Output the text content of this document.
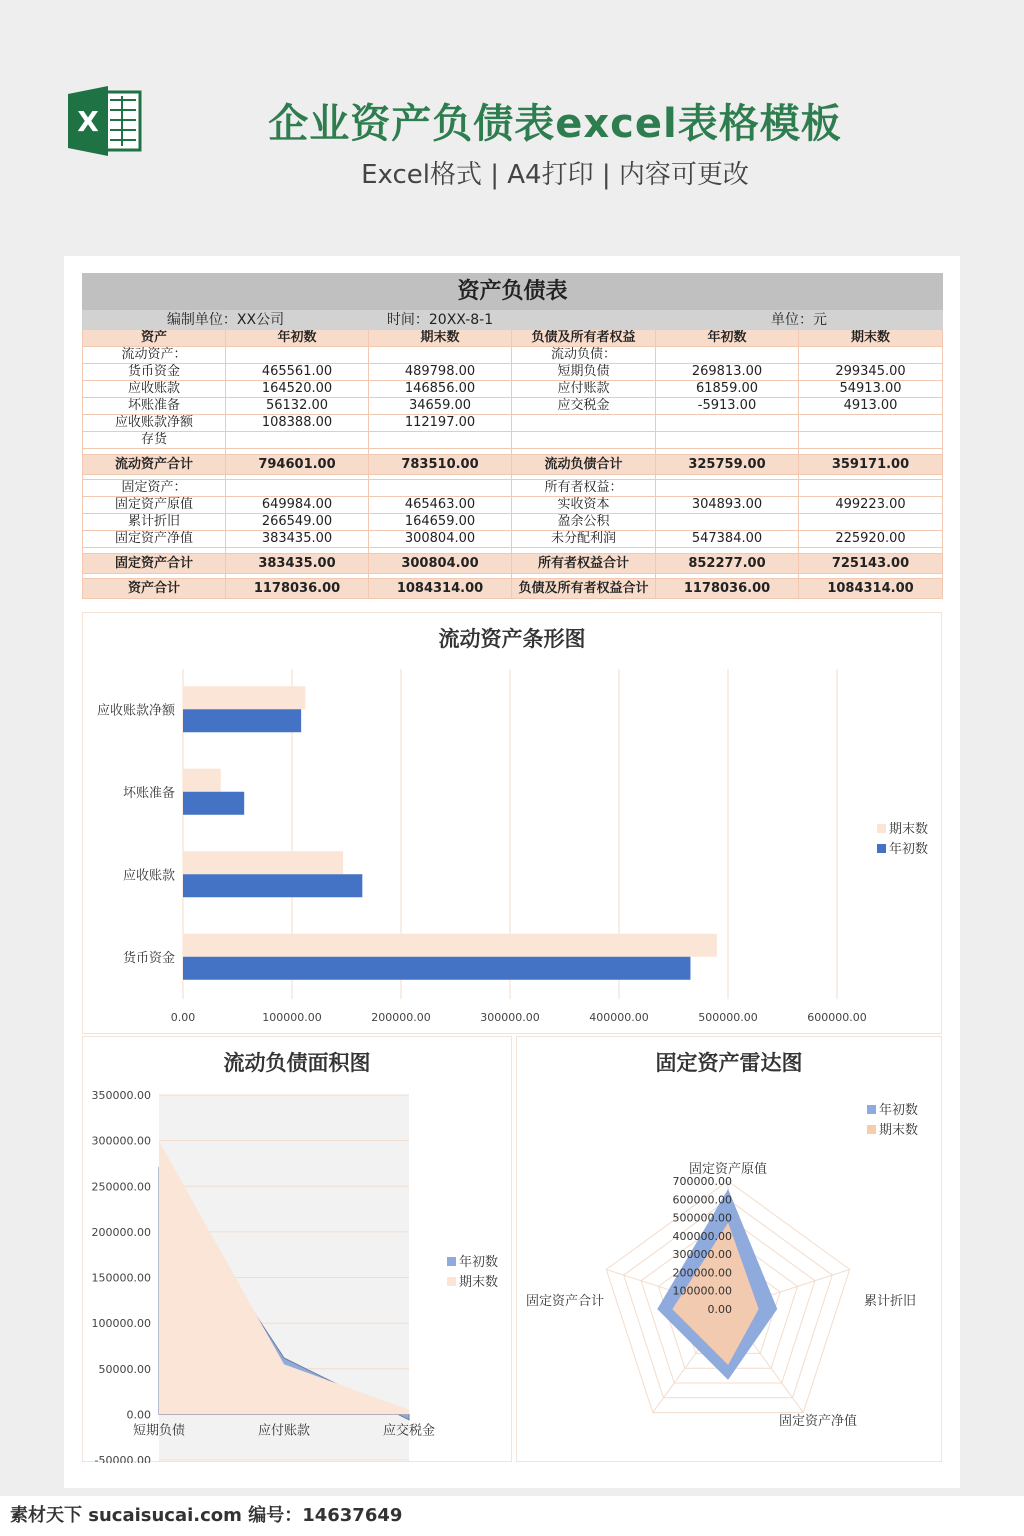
X	企业资产负债表excel表格模板
Excel格式 | A4打印 | 内容可更改
资产负债表					
编制单位：XX公司		时间：20XX-8-1		单位：元	
资产	年初数	期末数	负债及所有者权益	年初数	期末数
流动资产：			流动负债：		
货币资金	465561.00	489798.00	短期负债	269813.00	299345.00
应收账款	164520.00	146856.00	应付账款	61859.00	54913.00
坏账准备	56132.00	34659.00	应交税金	-5913.00	4913.00
应收账款净额	108388.00	112197.00			
存货					

流动资产合计	794601.00	783510.00	流动负债合计	325759.00	359171.00

固定资产：			所有者权益：		
固定资产原值	649984.00	465463.00	实收资本	304893.00	499223.00
累计折旧	266549.00	164659.00	盈余公积		
固定资产净值	383435.00	300804.00	未分配利润	547384.00	225920.00

固定资产合计	383435.00	300804.00	所有者权益合计	852277.00	725143.00

资产合计	1178036.00	1084314.00	负债及所有者权益合计	1178036.00	1084314.00
流动资产条形图
0.00	100000.00	200000.00	300000.00	400000.00	500000.00	600000.00
货币资金
应收账款
坏账准备
应收账款净额
期末数
年初数
流动负债面积图
350000.00
300000.00
250000.00
200000.00
150000.00
100000.00
50000.00
0.00
-50000.00
短期负债	应付账款	应交税金
年初数
期末数
固定资产雷达图
0.00
100000.00
200000.00
300000.00
400000.00
500000.00
600000.00
700000.00
固定资产原值
累计折旧
固定资产净值
固定资产合计
年初数
期末数
素材天下 sucaisucai.com 编号：14637649
